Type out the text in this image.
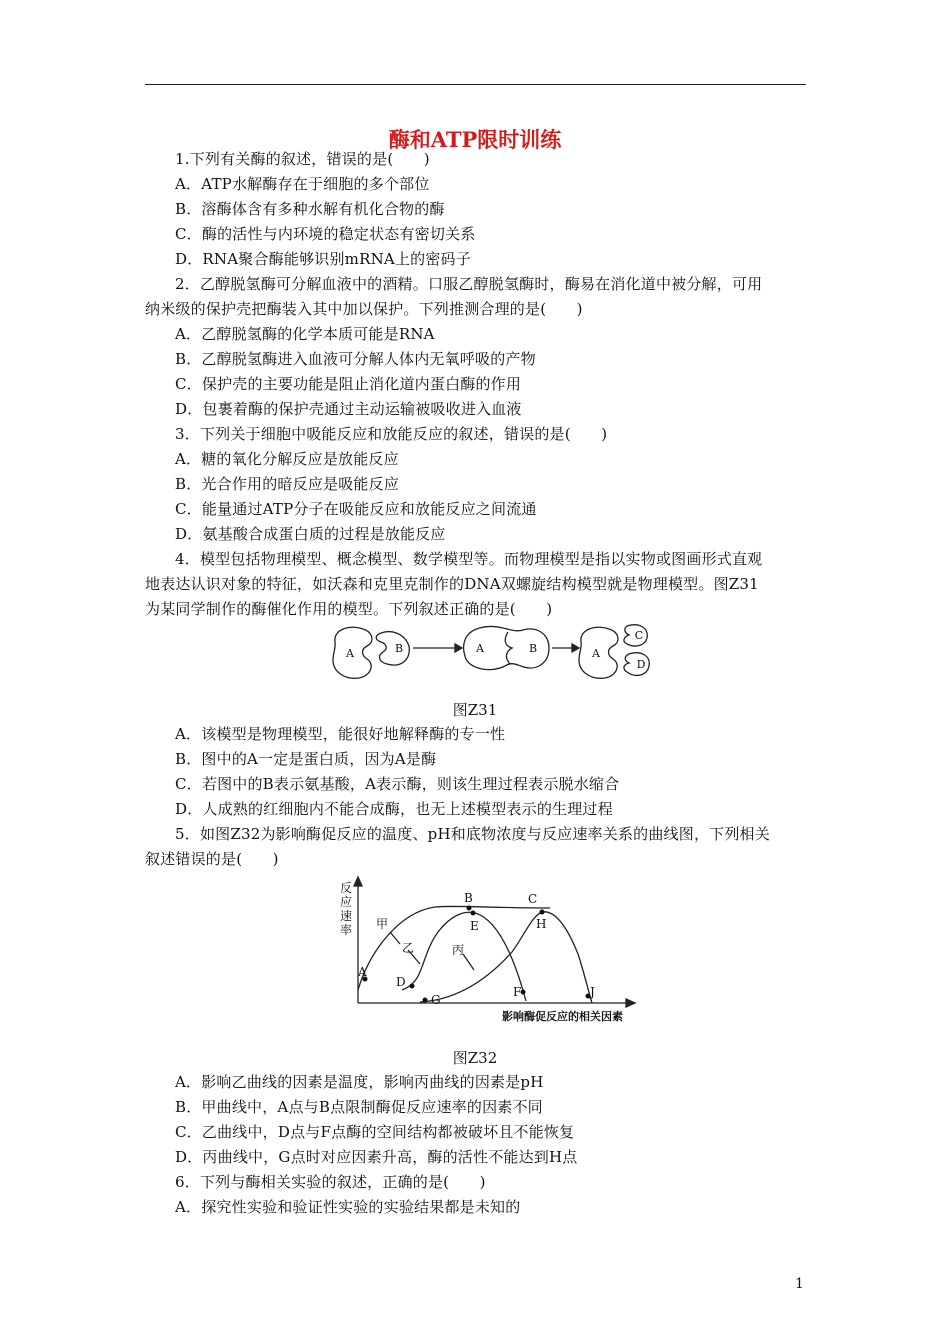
酶和ATP限时训练
1.下列有关酶的叙述，错误的是(　　)
A．ATP水解酶存在于细胞的多个部位
B．溶酶体含有多种水解有机化合物的酶
C．酶的活性与内环境的稳定状态有密切关系
D．RNA聚合酶能够识别mRNA上的密码子
2．乙醇脱氢酶可分解血液中的酒精。口服乙醇脱氢酶时，酶易在消化道中被分解，可用
纳米级的保护壳把酶装入其中加以保护。下列推测合理的是(　　)
A．乙醇脱氢酶的化学本质可能是RNA
B．乙醇脱氢酶进入血液可分解人体内无氧呼吸的产物
C．保护壳的主要功能是阻止消化道内蛋白酶的作用
D．包裹着酶的保护壳通过主动运输被吸收进入血液
3．下列关于细胞中吸能反应和放能反应的叙述，错误的是(　　)
A．糖的氧化分解反应是放能反应
B．光合作用的暗反应是吸能反应
C．能量通过ATP分子在吸能反应和放能反应之间流通
D．氨基酸合成蛋白质的过程是放能反应
4．模型包括物理模型、概念模型、数学模型等。而物理模型是指以实物或图画形式直观
地表达认识对象的特征，如沃森和克里克制作的DNA双螺旋结构模型就是物理模型。图Z31
为某同学制作的酶催化作用的模型。下列叙述正确的是(　　)
A	B	A	B	A
C
D
图Z31
A．该模型是物理模型，能很好地解释酶的专一性
B．图中的A一定是蛋白质，因为A是酶
C．若图中的B表示氨基酸，A表示酶，则该生理过程表示脱水缩合
D．人成熟的红细胞内不能合成酶，也无上述模型表示的生理过程
5．如图Z32为影响酶促反应的温度、pH和底物浓度与反应速率关系的曲线图，下列相关
叙述错误的是(　　)
反
应
速
率 甲
乙	丙
A
B	C
D
E
F
G
H
J
影响酶促反应的相关因素
图Z32
A．影响乙曲线的因素是温度，影响丙曲线的因素是pH
B．甲曲线中，A点与B点限制酶促反应速率的因素不同
C．乙曲线中，D点与F点酶的空间结构都被破坏且不能恢复
D．丙曲线中，G点时对应因素升高，酶的活性不能达到H点
6．下列与酶相关实验的叙述，正确的是(　　)
A．探究性实验和验证性实验的实验结果都是未知的
1
